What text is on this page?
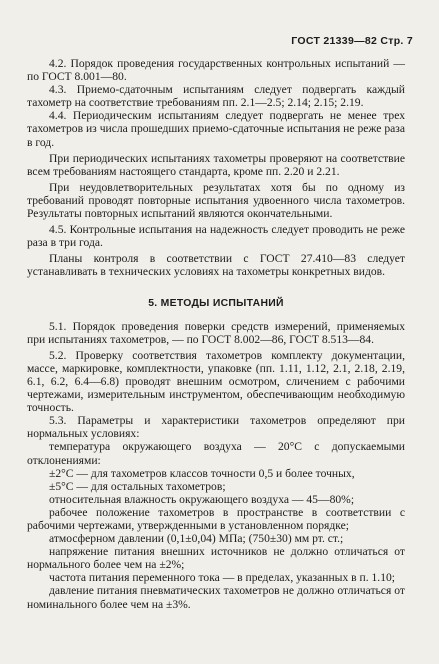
ГОСТ 21339—82 Стр. 7

4.2. Порядок проведения государственных контрольных испытаний — по ГОСТ 8.001—80.

4.3. Приемо-сдаточным испытаниям следует подвергать каждый тахометр на соответствие требованиям пп. 2.1—2.5; 2.14; 2.15; 2.19.

4.4. Периодическим испытаниям следует подвергать не менее трех тахометров из числа прошедших приемо-сдаточные испытания не реже раза в год.

При периодических испытаниях тахометры проверяют на соответствие всем требованиям настоящего стандарта, кроме пп. 2.20 и 2.21.

При неудовлетворительных результатах хотя бы по одному из требований проводят повторные испытания удвоенного числа тахометров. Результаты повторных испытаний являются окончательными.

4.5. Контрольные испытания на надежность следует проводить не реже раза в три года.

Планы контроля в соответствии с ГОСТ 27.410—83 следует устанавливать в технических условиях на тахометры конкретных видов.

5. МЕТОДЫ ИСПЫТАНИЙ

5.1. Порядок проведения поверки средств измерений, применяемых при испытаниях тахометров, — по ГОСТ 8.002—86, ГОСТ 8.513—84.

5.2. Проверку соответствия тахометров комплекту документации, массе, маркировке, комплектности, упаковке (пп. 1.11, 1.12, 2.1, 2.18, 2.19, 6.1, 6.2, 6.4—6.8) проводят внешним осмотром, сличением с рабочими чертежами, измерительным инструментом, обеспечивающим необходимую точность.

5.3. Параметры и характеристики тахометров определяют при нормальных условиях:

температура окружающего воздуха — 20°С с допускаемыми отклонениями:

±2°С — для тахометров классов точности 0,5 и более точных,

±5°С — для остальных тахометров;

относительная влажность окружающего воздуха — 45—80%;

рабочее положение тахометров в пространстве в соответствии с рабочими чертежами, утвержденными в установленном порядке;

атмосферном давлении (0,1±0,04) МПа; (750±30) мм рт. ст.;

напряжение питания внешних источников не должно отличаться от нормального более чем на ±2%;

частота питания переменного тока — в пределах, указанных в п. 1.10;

давление питания пневматических тахометров не должно отличаться от номинального более чем на ±3%.
